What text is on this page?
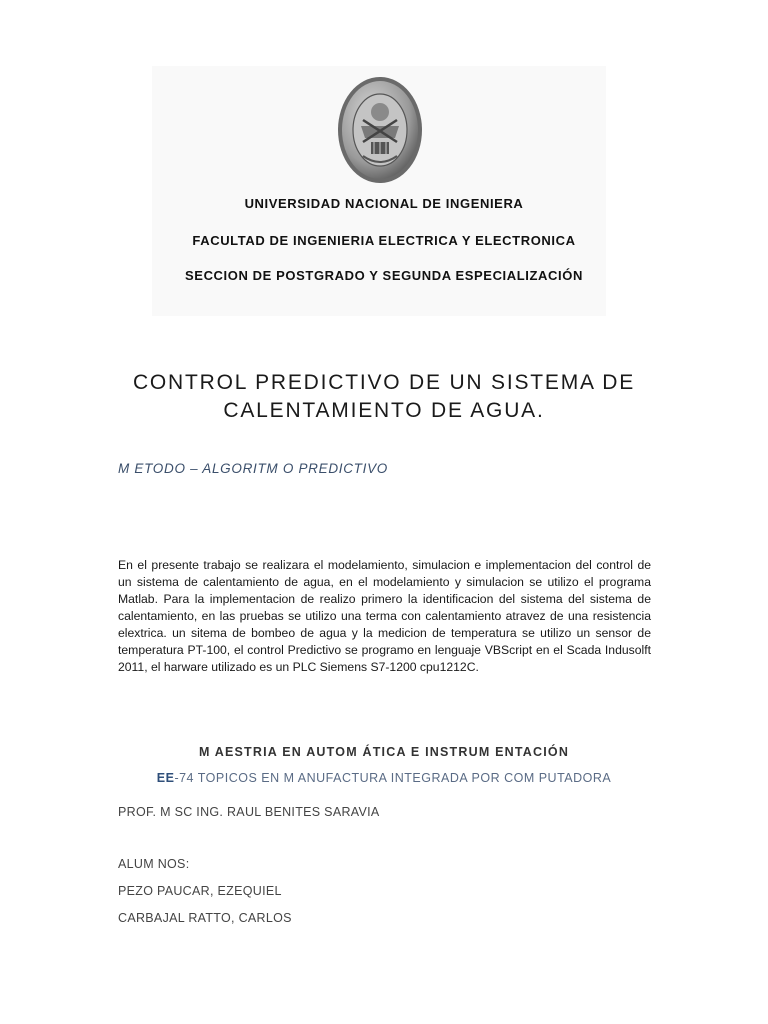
UNIVERSIDAD NACIONAL DE INGENIERA
FACULTAD DE INGENIERIA ELECTRICA Y ELECTRONICA
SECCION DE POSTGRADO Y SEGUNDA ESPECIALIZACIÓN
CONTROL PREDICTIVO DE UN SISTEMA DE
CALENTAMIENTO DE AGUA.
M ETODO – ALGORITM O PREDICTIVO
En el presente trabajo se realizara el modelamiento, simulacion e implementacion del control de un sistema de calentamiento de agua, en el modelamiento y simulacion se utilizo el programa Matlab. Para la implementacion de realizo primero la identificacion del sistema del sistema de calentamiento, en las pruebas se utilizo una terma con calentamiento atravez de una resistencia elextrica. un sitema de bombeo de agua y la medicion de temperatura se utilizo un sensor de temperatura PT-100, el control Predictivo se programo en lenguaje VBScript en el Scada Indusolft 2011, el harware utilizado es un PLC Siemens S7-1200 cpu1212C.
M AESTRIA EN AUTOM ÁTICA E INSTRUM ENTACIÓN
EE-74 TOPICOS EN M ANUFACTURA INTEGRADA POR COM PUTADORA
PROF. M SC ING. RAUL BENITES SARAVIA
ALUM NOS:
PEZO PAUCAR, EZEQUIEL
CARBAJAL RATTO, CARLOS
